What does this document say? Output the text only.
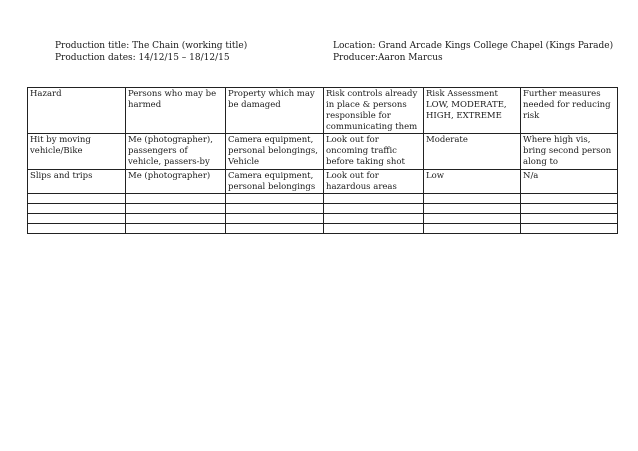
Production title: The Chain (working title)
Production dates: 14/12/15 – 18/12/15
Location: Grand Arcade Kings College Chapel (Kings Parade)
Producer:Aaron Marcus
Hazard	Persons who may be harmed	Property which may be damaged	Risk controls already in place & persons responsible for communicating them	Risk Assessment LOW, MODERATE, HIGH, EXTREME	Further measures needed for reducing risk
Hit by moving vehicle/Bike	Me (photographer), passengers of vehicle, passers-by	Camera equipment, personal belongings, Vehicle	Look out for oncoming traffic before taking shot	Moderate	Where high vis, bring second person along to
Slips and trips	Me (photographer)	Camera equipment, personal belongings	Look out for hazardous areas	Low	N/a
